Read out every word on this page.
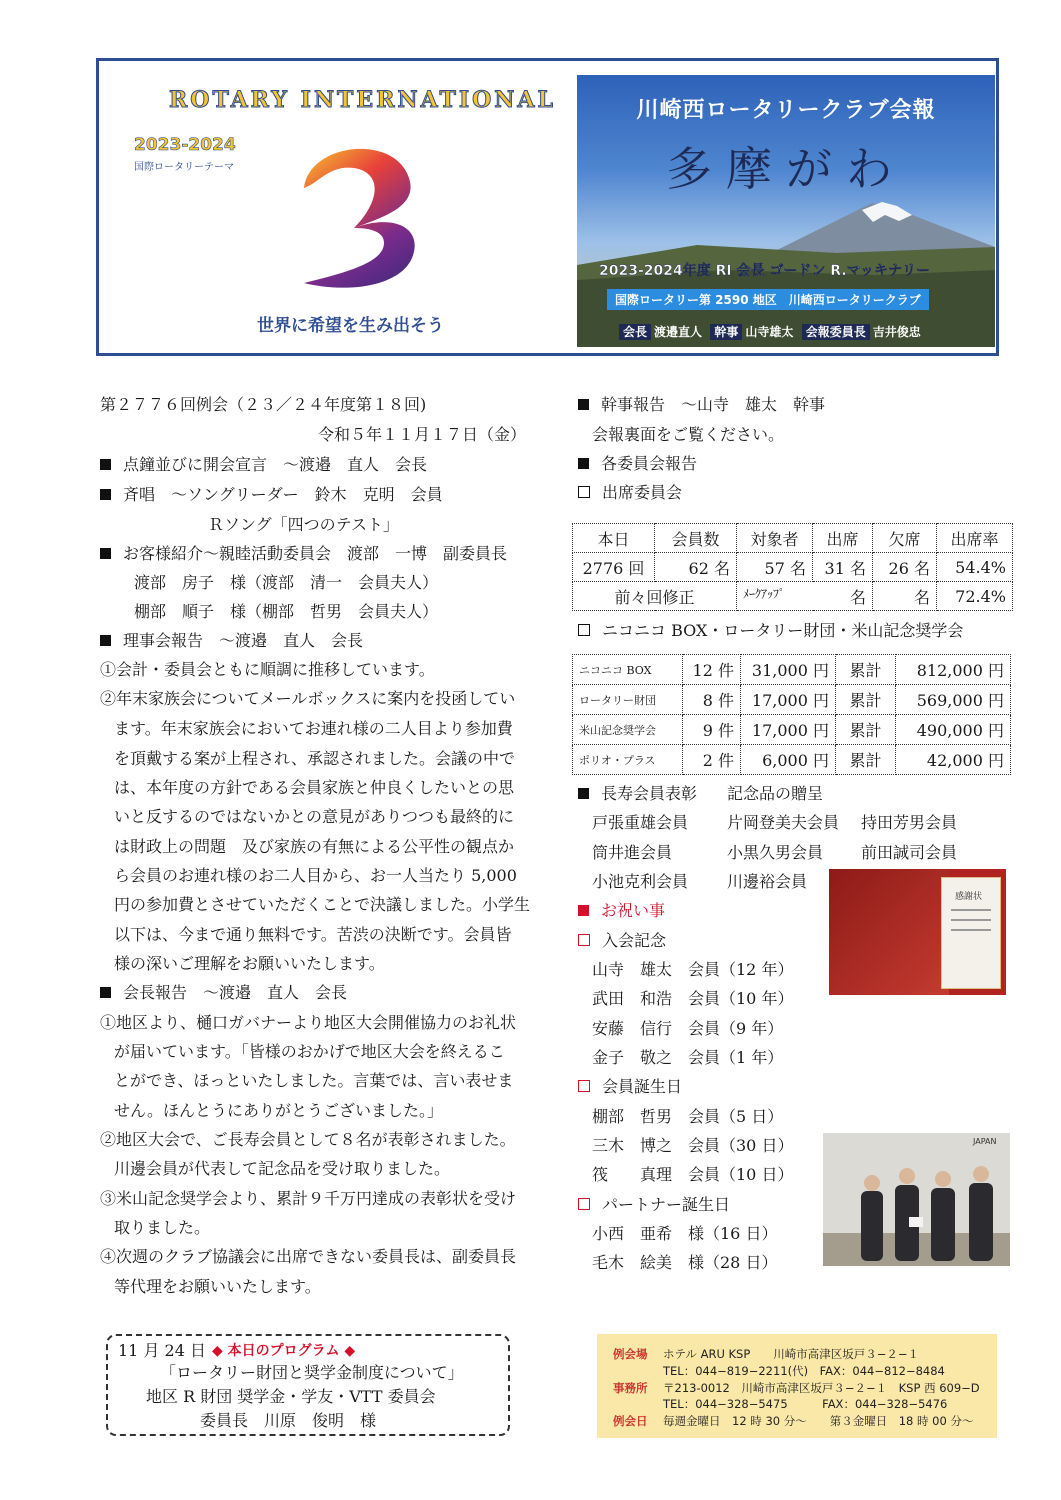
ROTARY INTERNATIONAL
2023-2024
国際ロータリーテーマ
世界に希望を生み出そう
川崎西ロータリークラブ会報
多摩がわ
2023-2024年度 RI 会長 ゴードン R.マッキナリー
国際ロータリー第 2590 地区　川崎西ロータリークラブ
会長 渡邉直人 幹事 山寺雄太 会報委員長 吉井俊忠
第２７７６回例会（２３／２４年度第１８回)
令和５年１１月１７日（金）
点鐘並びに開会宣言　～渡邉　直人　会長
斉唱　～ソングリーダー　鈴木　克明　会員
Ｒソング「四つのテスト」
お客様紹介～親睦活動委員会　渡部　一博　副委員長
渡部　房子　様（渡部　清一　会員夫人）
棚部　順子　様（棚部　哲男　会員夫人）
理事会報告　～渡邉　直人　会長
①会計・委員会ともに順調に推移しています。
②年末家族会についてメールボックスに案内を投函してい
ます。年末家族会においてお連れ様の二人目より参加費
を頂戴する案が上程され、承認されました。会議の中で
は、本年度の方針である会員家族と仲良くしたいとの思
いと反するのではないかとの意見がありつつも最終的に
は財政上の問題　及び家族の有無による公平性の観点か
ら会員のお連れ様のお二人目から、お一人当たり 5,000
円の参加費とさせていただくことで決議しました。小学生
以下は、今まで通り無料です。苦渋の決断です。会員皆
様の深いご理解をお願いいたします。
会長報告　～渡邉　直人　会長
①地区より、樋口ガバナーより地区大会開催協力のお礼状
が届いています。「皆様のおかげで地区大会を終えるこ
とができ、ほっといたしました。言葉では、言い表せま
せん。ほんとうにありがとうございました。」
②地区大会で、ご長寿会員として８名が表彰されました。
川邊会員が代表して記念品を受け取りました。
③米山記念奨学会より、累計９千万円達成の表彰状を受け
取りました。
④次週のクラブ協議会に出席できない委員長は、副委員長
等代理をお願いいたします。
幹事報告　～山寺　雄太　幹事
会報裏面をご覧ください。
各委員会報告
出席委員会
本日	会員数	対象者	出席	欠席	出席率
2776 回	62 名	57 名	31 名	26 名	54.4%
前々回修正		ﾒｰｸｱｯﾌﾟ 名		名	72.4%
ニコニコ BOX・ロータリー財団・米山記念奨学会
ニコニコ BOX	12 件	31,000 円	累計	812,000 円
ロータリー財団	8 件	17,000 円	累計	569,000 円
米山記念奨学会	9 件	17,000 円	累計	490,000 円
ポリオ・プラス	2 件	6,000 円	累計	42,000 円
長寿会員表彰 記念品の贈呈
戸張重雄会員 片岡登美夫会員 持田芳男会員
筒井進会員	小黒久男会員 前田誠司会員
小池克利会員 川邊裕会員
お祝い事
入会記念
山寺　雄太　会員（12 年）
武田　和浩　会員（10 年）
安藤　信行　会員（9 年）
金子　敬之　会員（1 年）
会員誕生日
棚部　哲男　会員（5 日）
三木　博之　会員（30 日）
筏　　真理　会員（10 日）
パートナー誕生日
小西　亜希　様（16 日）
毛木　絵美　様（28 日）
感謝状
JAPAN
11 月 24 日 ◆ 本日のプログラム ◆
「ロータリー財団と奨学金制度について」
地区 R 財団 奨学金・学友・VTT 委員会
委員長　川原　俊明　様
例会場 ホテル ARU KSP　　川崎市高津区坂戸３−２−１
TEL：044−819−2211(代)　FAX：044−812−8484
事務所 〒213-0012　川崎市高津区坂戸３−２−１　KSP 西 609−D
TEL：044−328−5475　　　FAX：044−328−5476
例会日 毎週金曜日　12 時 30 分〜　　第３金曜日　18 時 00 分〜
